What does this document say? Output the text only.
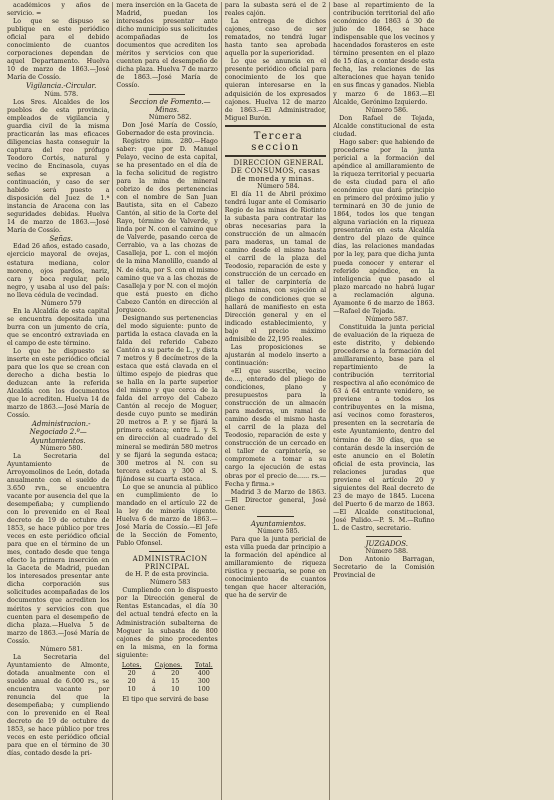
académicos y años de servicio. =

Lo que se dispuso se publique en este periódico oficial para el debido conocimiento de cuantos corporaciones dependan de aquel Departamento. Huelva 10 de marzo de 1863.—José María de Cossío.

Vigilancia.-Circular.

Núm. 578.

Los Sres. Alcaldes de los pueblos de esta provincia, empleados de vigilancia y guardia civil de la misma practicarán las mas eficaces diligencias hasta conseguir la captura del reo prófugo Teodoro Cortés, natural y vecino de Encinasola, cuyas señas se expresan a continuación, y caso de ser habido será puesto a disposición del Juez de 1.ª instancia de Aracena con las seguridades debidas. Huelva 14 de marzo de 1863.—José María de Cossío.

Señas.

Edad 26 años, estado casado, ejercicio mayoral de ovejas, estatura mediana, color moreno, ojos pardos, nariz, cara y boca regular, pelo negro, y usaba al uso del país: no lleva cédula de vecindad.

Número 579

En la Alcaldía de esta capital se encuentra depositada una burra con un jumento de cría, que se encontró extraviada en el campo de este término.

Lo que he dispuesto se inserte en este periódico oficial para que los que se crean con derecho a dicha bestia lo deduzcan ante la referida Alcaldía con los documentos que lo acrediten. Huelva 14 de marzo de 1863.—José María de Cossío.

Administracion.-Negociado 2.º— Ayuntamientos.

Número 580.

La Secretaria del Ayuntamiento de Arroyomolinos de León, dotada anualmente con el sueldo de 3.650 rvn., se encuentra vacante por ausencia del que la desempeñaba; y cumpliendo con lo prevenido en el Real decreto de 19 de octubre de 1853, se hace público por tres veces en este periódico oficial para que en el término de un mes, contado desde que tenga efecto la primera inserción en la Gaceta de Madrid, puedan los interesados presentar ante dicha corporación sus solicitudes acompañadas de los documentos que acrediten los méritos y servicios con que cuenten para el desempeño de dicha plaza.—Huelva 5 de marzo de 1863.—José María de Cossío.

Número 581.

La Secretaria del Ayuntamiento de Almonte, dotada anualmente con el sueldo anual de 6.000 rs., se encuentra vacante por renuncia del que la desempeñaba; y cumpliendo con lo prevenido en el Real decreto de 19 de octubre de 1853, se hace público por tres veces en este periódico oficial para que en el término de 30 días, contado desde la pri-

mera inserción en la Gaceta de Madrid, puedan los interesados presentar ante dicho municipio sus solicitudes acompañadas de los documentos que acrediten los méritos y servicios con que cuenten para el desempeño de dicha plaza. Huelva 7 de marzo de 1863.—José María de Cossío.

Seccion de Fomento.—Minas.

Número 582.

Don José María de Cossío, Gobernador de esta provincia.

Registro núm. 280.—Hago saber: que por D. Manuel Pelayo, vecino de esta capital, se ha presentado en el día de la fecha solicitud de registro para la mina de mineral cobrizo de dos pertenencias con el nombre de San Juan Bautista, sita en el Cabezo Cantón, al sitio de la Corte del Rayo, término de Valverde, y linda por N. con el camino que de Valverde, pasando cerca de Cerrabio, va a las chozas de Casalleja, por L. con el mojón de la mina Manolillo, cuando al N. de ésta, por S. con el mismo camino que va a las chozas de Casalleja y por N. con el mojón que está puesto en dicho Cabezo Cantón en dirección al Jorgueco.

Designando sus pertenencias del modo siguiente: punto de partida la estaca clavada en la falda del referido Cabezo Cantón a su parte de L., y dista 7 metros y 8 decímetros de la estaca que está clavada en el último espejo de piedras que se halla en la parte superior del mismo y que cerca de la falda del arroyo del Cabezo Cantón al recejo de Moguer, desde cuyo punto se medirán 20 metros a P. y se fijará la primera estaca; entre L. y S. en dirección al cuadrado del mineral se medirán 580 metros y se fijará la segunda estaca; 300 metros al N. con su tercera estaca y 300 al S. fijándose su cuarta estaca.

Lo que se anuncia al público en cumplimiento de lo mandado en el artículo 22 de la ley de minería vigente. Huelva 6 de marzo de 1863.—José María de Cossío.—El Jefe de la Sección de Fomento, Pablo Ofonsel.

ADMINISTRACION PRINCIPAL

de H. P. de esta provincia.

Número 583

Cumpliendo con lo dispuesto por la Dirección general de Rentas Estancadas, el día 30 del actual tendrá efecto en la Administración subalterna de Moguer la subasta de 800 cajones de pino procedentes en la misma, en la forma siguiente:

Lotes.	Cajones.		Total.
20	á	20	400
20	á	15	300
10	á	10	100

El tipo que servirá de base

para la subasta será el de 2 reales cajón.

La entrega de dichos cajones, caso de ser rematados, no tendrá lugar hasta tanto sea aprobada aquella por la superioridad.

Lo que se anuncia en el presente periódico oficial para conocimiento de los que quieran interesarse en la adquisición de los expresados cajones. Huelva 12 de marzo de 1863.—El Administrador, Miguel Burón.

Tercera seccion

DIRECCION GENERAL DE CONSUMOS, casas de moneda y minas.

Número 584.

El día 11 de Abril próximo tendrá lugar ante el Comisario Regio de las minas de Riotinto la subasta para contratar las obras necesarias para la construcción de un almacén para maderas, un tamal de camino desde el mismo hasta el carril de la plaza del Teodosio, reparación de este y construcción de un cercado en el taller de carpintería de dichas minas, con sujeción al pliego de condiciones que se hallará de manifiesto en esta Dirección general y en el indicado establecimiento, y bajo el precio máximo admisible de 22,195 reales.

Las proposiciones se ajustarán al modelo inserto a continuación:

«El que suscribe, vecino de...., enterado del pliego de condiciones, plano y presupuestos para la construcción de un almacén para maderas, un ramal de camino desde el mismo hasta el carril de la plaza del Teodosio, reparación de este y construcción de un cercado en el taller de carpintería, se compromete a tomar a su cargo la ejecución de estas obras por el precio de...... rs.—Fecha y firma.»

Madrid 3 de Marzo de 1863.—El Director general, José Gener.

Ayuntamientos.

Número 585.

Para que la junta pericial de esta villa pueda dar principio a la formación del apéndice al amillaramiento de riqueza rústica y pecuaria, se pone en conocimiento de cuantos tengan que hacer alteración, que ha de servir de

base al repartimiento de la contribución territorial del año económico de 1863 á 30 de julio de 1864, se hace indispensable que los vecinos y hacendados forasteros en este término presenten en el plazo de 15 días, a contar desde esta fecha, las relaciones de las alteraciones que hayan tenido en sus fincas y ganados. Niebla y marzo 6 de 1863.—El Alcalde, Gerónimo Izquierdo.

Número 586.

Don Rafael de Tejada, Alcalde constitucional de esta ciudad.

Hago saber: que habiendo de procederse por la junta pericial a la formación del apéndice al amillaramiento de la riqueza territorial y pecuaria de esta ciudad para el año económico que dará principio en primero del próximo julio y terminará en 30 de junio de 1864, todos los que tengan alguna variación en la riqueza presentarán en esta Alcaldía dentro del plazo de quince días, las relaciones mandadas por la ley, para que dicha junta pueda conocer y enterar el referido apéndice, en la inteligencia que pasado el plazo marcado no habrá lugar a reclamación alguna. Ayamonte 6 de marzo de 1863.—Rafael de Tejada.

Número 587.

Constituida la junta pericial de evaluación de la riqueza de este distrito, y debiendo procederse a la formación del amillaramiento, base para el repartimiento de la contribución territorial respectiva al año económico de 63 á 64 entrante venidero, se previene a todos los contribuyentes en la misma, así vecinos como forasteros, presenten en la secretaría de este Ayuntamiento, dentro del término de 30 días, que se contarán desde la inserción de este anuncio en el Boletín oficial de esta provincia, las relaciones juradas que previene el artículo 20 y siguientes del Real decreto de 23 de mayo de 1845. Lucena del Puerto 6 de marzo de 1863.—El Alcalde constitucional, José Pulido.—P. S. M.—Rufino L. de Castro, secretario.

JUZGADOS.

Número 588.

Don Antonio Barragan, Secretario de la Comisión Provincial de
